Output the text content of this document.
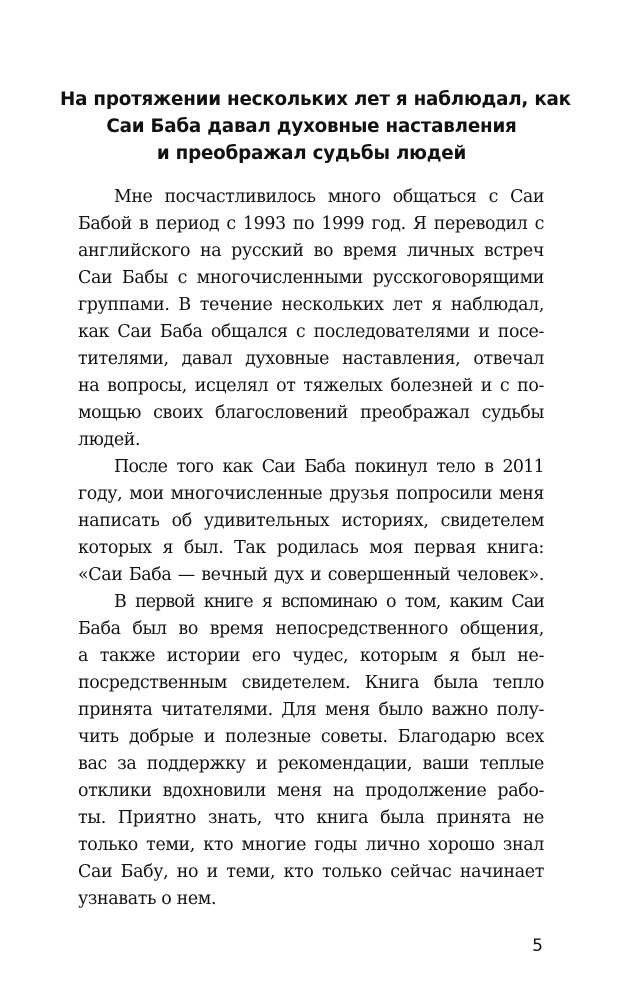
На протяжении нескольких лет я наблюдал, как
Саи Баба давал духовные наставления
и преображал судьбы людей
Мне посчастливилось много общаться с Саи
Бабой в период с 1993 по 1999 год. Я переводил с
английского на русский во время личных встреч
Саи Бабы с многочисленными русскоговорящими
группами. В течение нескольких лет я наблюдал,
как Саи Баба общался с последователями и посе-
тителями, давал духовные наставления, отвечал
на вопросы, исцелял от тяжелых болезней и с по-
мощью своих благословений преображал судьбы
людей.
После того как Саи Баба покинул тело в 2011
году, мои многочисленные друзья попросили меня
написать об удивительных историях, свидетелем
которых я был. Так родилась моя первая книга:
«Саи Баба — вечный дух и совершенный человек».
В первой книге я вспоминаю о том, каким Саи
Баба был во время непосредственного общения,
а также истории его чудес, которым я был не-
посредственным свидетелем. Книга была тепло
принята читателями. Для меня было важно полу-
чить добрые и полезные советы. Благодарю всех
вас за поддержку и рекомендации, ваши теплые
отклики вдохновили меня на продолжение рабо-
ты. Приятно знать, что книга была принята не
только теми, кто многие годы лично хорошо знал
Саи Бабу, но и теми, кто только сейчас начинает
узнавать о нем.
5
